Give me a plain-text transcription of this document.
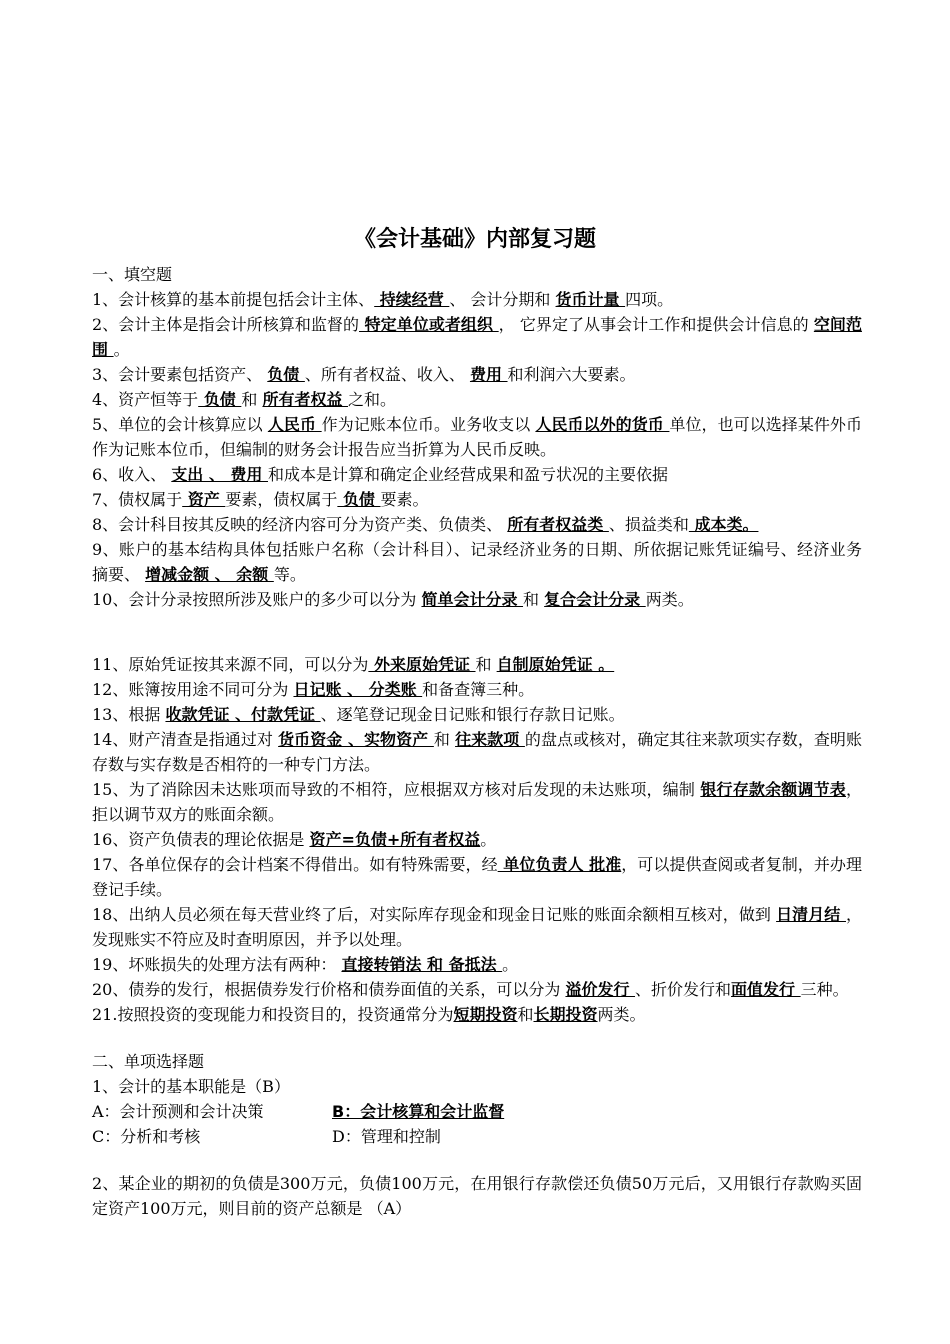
《会计基础》内部复习题
一、填空题
1、会计核算的基本前提包括会计主体、 持续经营 、 会计分期和 货币计量 四项。
2、会计主体是指会计所核算和监督的 特定单位或者组织 ， 它界定了从事会计工作和提供会计信息的 空间范围 。
3、会计要素包括资产、 负债 、所有者权益、收入、 费用 和利润六大要素。
4、资产恒等于 负债 和 所有者权益 之和。
5、单位的会计核算应以 人民币 作为记账本位币。业务收支以 人民币以外的货币 单位，也可以选择某件外币作为记账本位币，但编制的财务会计报告应当折算为人民币反映。
6、收入、 支出 、 费用 和成本是计算和确定企业经营成果和盈亏状况的主要依据
7、债权属于 资产 要素，债权属于 负债 要素。
8、会计科目按其反映的经济内容可分为资产类、负债类、 所有者权益类 、损益类和 成本类。
9、账户的基本结构具体包括账户名称（会计科目）、记录经济业务的日期、所依据记账凭证编号、经济业务摘要、 增减金额 、 余额 等。
10、会计分录按照所涉及账户的多少可以分为 简单会计分录 和 复合会计分录 两类。
11、原始凭证按其来源不同，可以分为 外来原始凭证 和 自制原始凭证 。
12、账簿按用途不同可分为 日记账 、 分类账 和备查簿三种。
13、根据 收款凭证 、付款凭证 、逐笔登记现金日记账和银行存款日记账。
14、财产清查是指通过对 货币资金 、实物资产 和 往来款项 的盘点或核对，确定其往来款项实存数，查明账存数与实存数是否相符的一种专门方法。
15、为了消除因未达账项而导致的不相符，应根据双方核对后发现的未达账项，编制 银行存款余额调节表，拒以调节双方的账面余额。
16、资产负债表的理论依据是 资产=负债+所有者权益。
17、各单位保存的会计档案不得借出。如有特殊需要，经 单位负责人 批准，可以提供查阅或者复制，并办理登记手续。
18、出纳人员必须在每天营业终了后，对实际库存现金和现金日记账的账面余额相互核对，做到 日清月结 ，发现账实不符应及时查明原因，并予以处理。
19、坏账损失的处理方法有两种： 直接转销法 和 备抵法 。
20、债券的发行，根据债券发行价格和债券面值的关系，可以分为 溢价发行 、折价发行和面值发行 三种。
21.按照投资的变现能力和投资目的，投资通常分为短期投资和长期投资两类。
二、单项选择题
1、会计的基本职能是（B）
A：会计预测和会计决策	B：会计核算和会计监督
C：分析和考核	D：管理和控制
2、某企业的期初的负债是300万元，负债100万元，在用银行存款偿还负债50万元后，又用银行存款购买固定资产100万元，则目前的资产总额是 （A）
